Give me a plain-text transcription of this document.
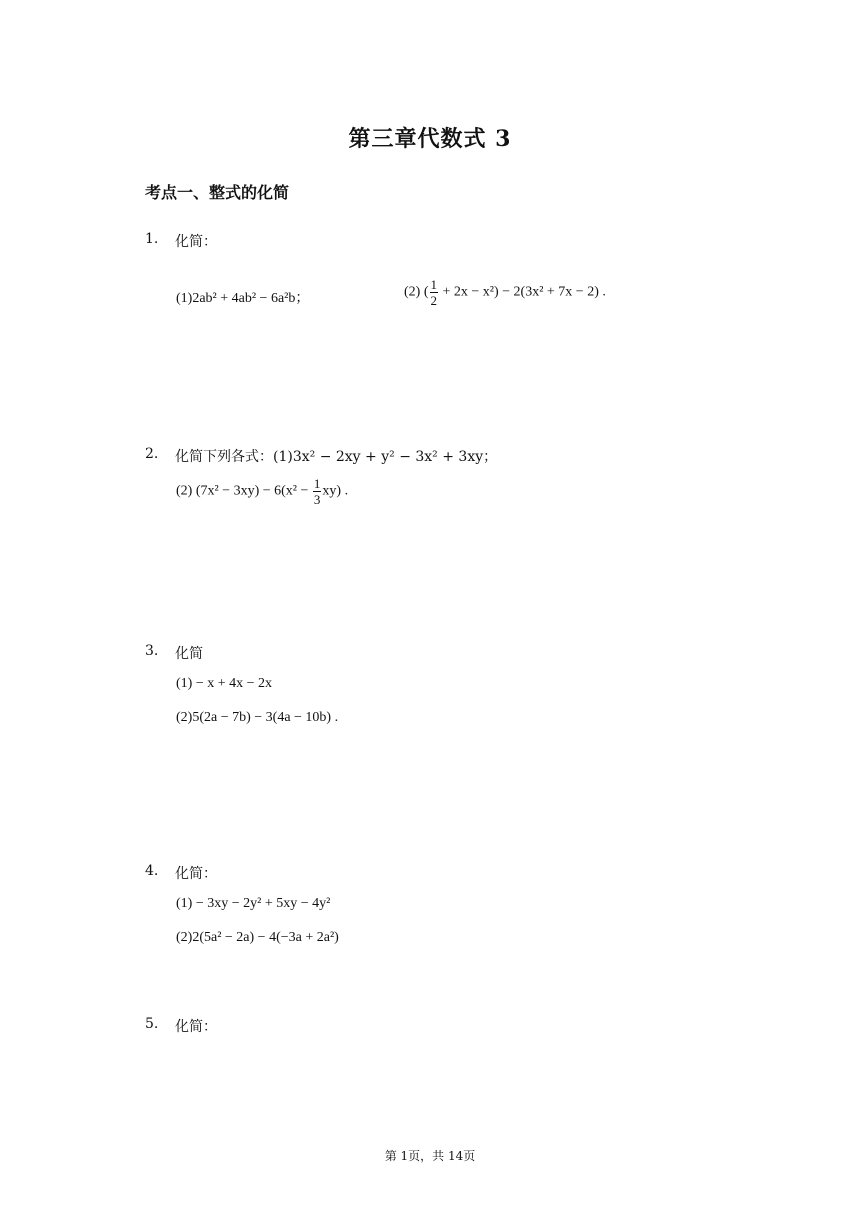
第三章代数式 3
考点一、整式的化简
1. 化简：
(1)2ab² + 4ab² − 6a²b；	(2) ( $\frac{1}{2} + 2x - x^2) - 2(3x^2 + 7x - 2)$ .
2. 化简下列各式：(1)3x² − 2xy + y² − 3x² + 3xy；
(2) $(7x^2 - 3xy) - 6(x^2 - \frac{1}{3} xy)$ .
3. 化简
(1) − x + 4x − 2x
(2)5(2a − 7b) − 3(4a − 10b) .
4. 化简：
(1) − 3xy − 2y² + 5xy − 4y²
(2)2(5a² − 2a) − 4(−3a + 2a²)
5. 化简：
第 1页，共 14页
